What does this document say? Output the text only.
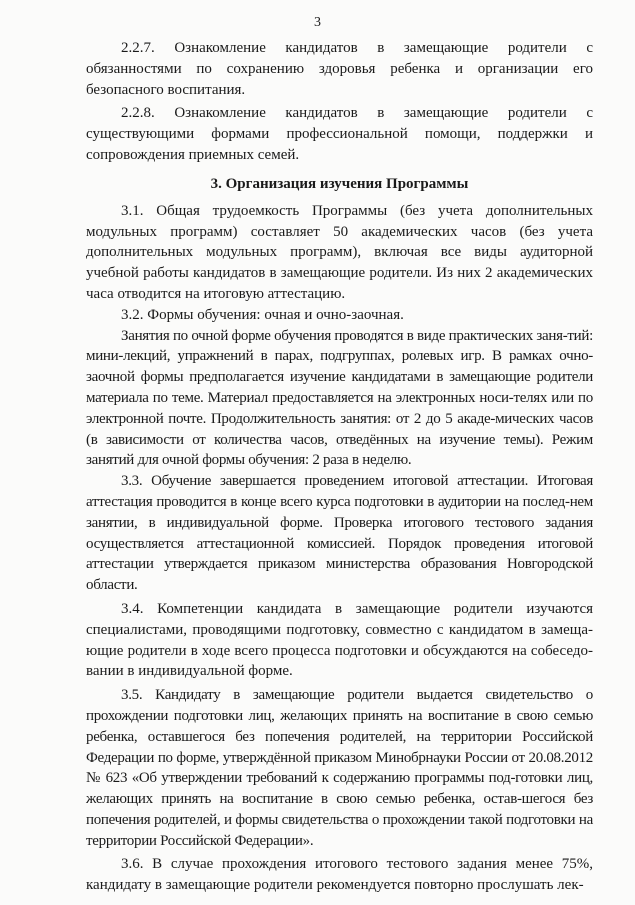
3

2.2.7. Ознакомление кандидатов в замещающие родители с обязанностями по сохранению здоровья ребенка и организации его безопасного воспитания.

2.2.8. Ознакомление кандидатов в замещающие родители с существующими формами профессиональной помощи, поддержки и сопровождения приемных семей.

3. Организация изучения Программы

3.1. Общая трудоемкость Программы (без учета дополнительных модульных программ) составляет 50 академических часов (без учета дополнительных модульных программ), включая все виды аудиторной учебной работы кандидатов в замещающие родители. Из них 2 академических часа отводится на итоговую аттестацию.

3.2. Формы обучения: очная и очно-заочная.

Занятия по очной форме обучения проводятся в виде практических заня-тий: мини-лекций, упражнений в парах, подгруппах, ролевых игр. В рамках очно-заочной формы предполагается изучение кандидатами в замещающие родители материала по теме. Материал предоставляется на электронных носи-телях или по электронной почте. Продолжительность занятия: от 2 до 5 акаде-мических часов (в зависимости от количества часов, отведённых на изучение темы). Режим занятий для очной формы обучения: 2 раза в неделю.

3.3. Обучение завершается проведением итоговой аттестации. Итоговая аттестация проводится в конце всего курса подготовки в аудитории на послед-нем занятии, в индивидуальной форме. Проверка итогового тестового задания осуществляется аттестационной комиссией. Порядок проведения итоговой аттестации утверждается приказом министерства образования Новгородской области.

3.4. Компетенции кандидата в замещающие родители изучаются специалистами, проводящими подготовку, совместно с кандидатом в замеща-ющие родители в ходе всего процесса подготовки и обсуждаются на собеседо-вании в индивидуальной форме.

3.5. Кандидату в замещающие родители выдается свидетельство о прохождении подготовки лиц, желающих принять на воспитание в свою семью ребенка, оставшегося без попечения родителей, на территории Российской Федерации по форме, утверждённой приказом Минобрнауки России от 20.08.2012 № 623 «Об утверждении требований к содержанию программы под-готовки лиц, желающих принять на воспитание в свою семью ребенка, остав-шегося без попечения родителей, и формы свидетельства о прохождении такой подготовки на территории Российской Федерации».

3.6. В случае прохождения итогового тестового задания менее 75%, кандидату в замещающие родители рекомендуется повторно прослушать лек-
